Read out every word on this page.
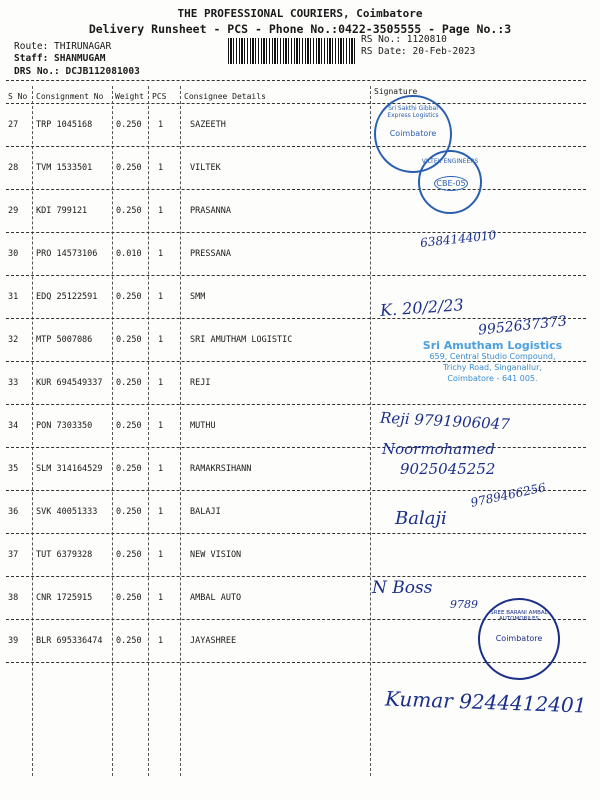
THE PROFESSIONAL COURIERS, Coimbatore
Delivery Runsheet - PCS - Phone No.:0422-3505555 - Page No.:3
Route: THIRUNAGAR
Staff: SHANMUGAM
DRS No.: DCJB112081003
RS No.: 1120810
RS Date: 20-Feb-2023
S No Consignment No Weight PCS Consignee Details
Signature
27 TRP 1045168	0.250 1	SAZEETH
28 TVM 1533501	0.250 1	VILTEK
29 KDI 799121	0.250 1	PRASANNA
30 PRO 14573106 0.010 1	PRESSANA
31 EDQ 25122591 0.250 1	SMM
32 MTP 5007086	0.250 1	SRI AMUTHAM LOGISTIC
33 KUR 694549337 0.250 1	REJI
34 PON 7303350	0.250 1	MUTHU
35 SLM 314164529 0.250 1	RAMAKRSIHANN
36 SVK 40051333 0.250 1	BALAJI
37 TUT 6379328	0.250 1	NEW VISION
38 CNR 1725915	0.250 1	AMBAL AUTO
39 BLR 695336474 0.250 1	JAYASHREE
Sri Sakthi Gibbal Express Logistics
Coimbatore
VILTEK ENGINEERS
CBE-05
Sri Amutham Logistics
659, Central Studio Compound,
Trichy Road, Singanallur,
Coimbatore - 641 005.
SREE BARANI AMBAL AUTOMOBILES
Coimbatore
6384144010
K. 20/2/23
9952637373
Reji 9791906047
Noormohamed
9025045252
9789466256
Balaji
N Boss
9789
Kumar 9244412401
